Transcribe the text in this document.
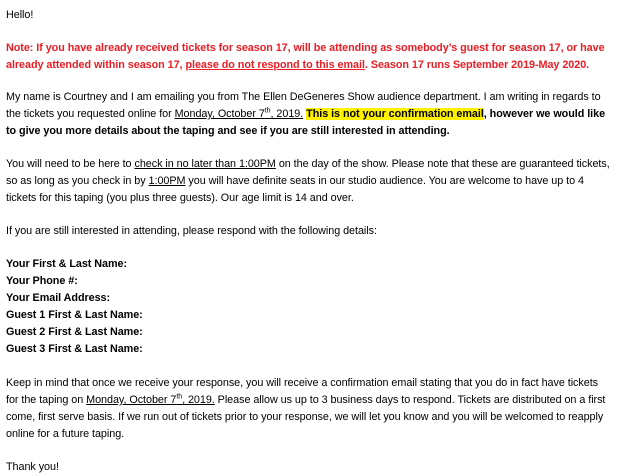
Hello!

Note: If you have already received tickets for season 17, will be attending as somebody’s guest for season 17, or have already attended within season 17, please do not respond to this email. Season 17 runs September 2019-May 2020.

My name is Courtney and I am emailing you from The Ellen DeGeneres Show audience department. I am writing in regards to the tickets you requested online for Monday, October 7th, 2019. This is not your confirmation email, however we would like to give you more details about the taping and see if you are still interested in attending.

You will need to be here to check in no later than 1:00PM on the day of the show. Please note that these are guaranteed tickets, so as long as you check in by 1:00PM you will have definite seats in our studio audience. You are welcome to have up to 4 tickets for this taping (you plus three guests). Our age limit is 14 and over.

If you are still interested in attending, please respond with the following details:

Your First & Last Name:
Your Phone #:
Your Email Address:
Guest 1 First & Last Name:
Guest 2 First & Last Name:
Guest 3 First & Last Name:

Keep in mind that once we receive your response, you will receive a confirmation email stating that you do in fact have tickets for the taping on Monday, October 7th, 2019. Please allow us up to 3 business days to respond. Tickets are distributed on a first come, first serve basis. If we run out of tickets prior to your response, we will let you know and you will be welcomed to reapply online for a future taping.

Thank you!
